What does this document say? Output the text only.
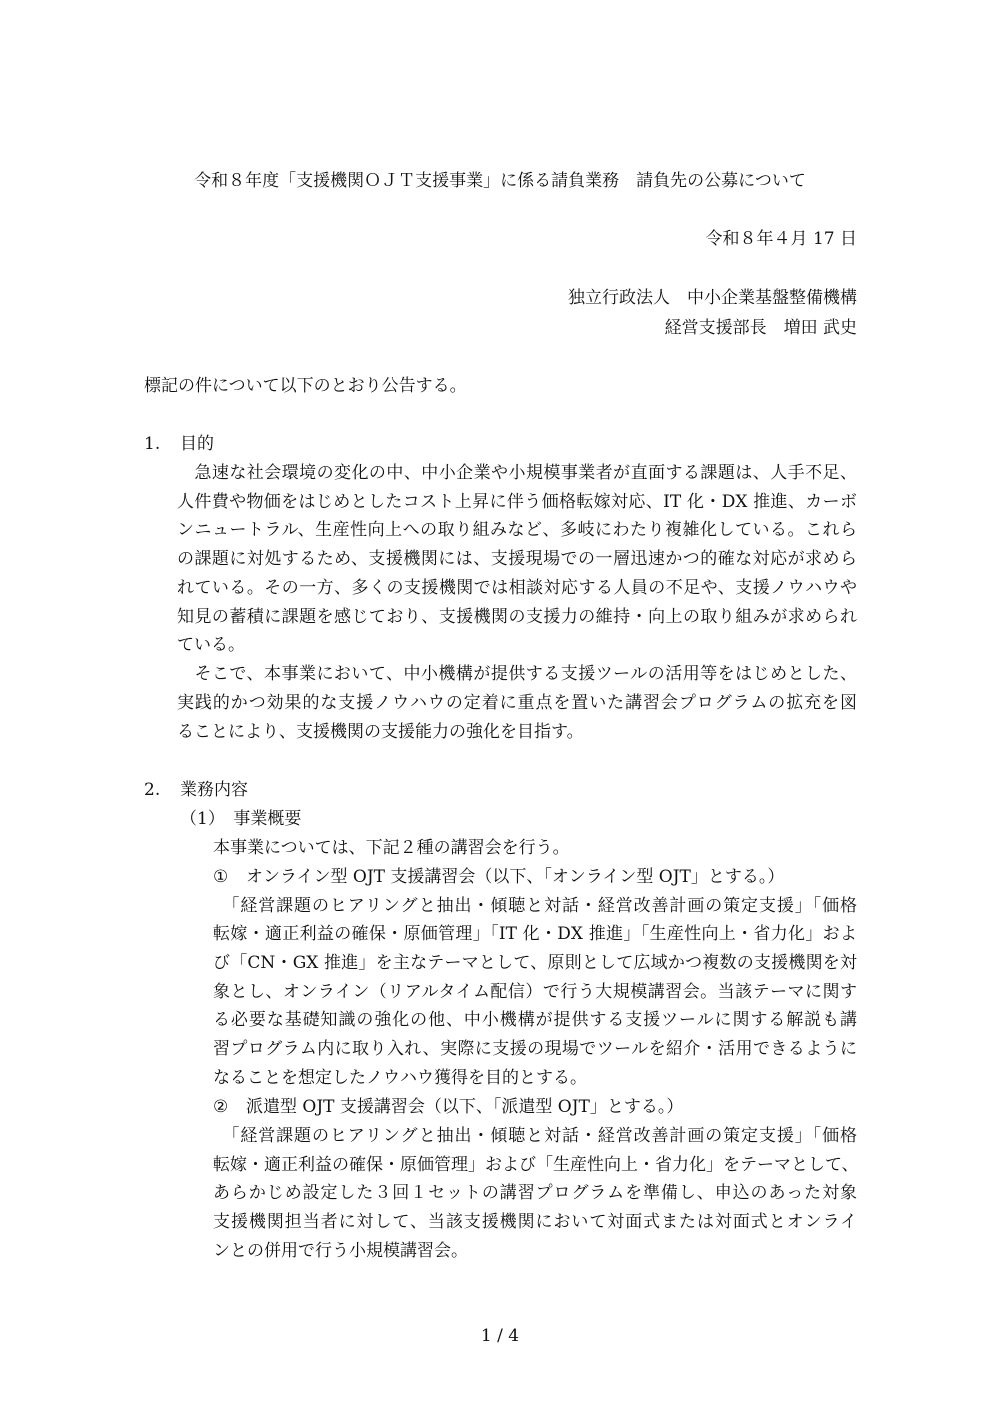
令和８年度「支援機関ＯＪＴ支援事業」に係る請負業務　請負先の公募について
令和８年４月 17 日
独立行政法人　中小企業基盤整備機構
経営支援部長　増田 武史
標記の件について以下のとおり公告する。
1. 目的
　急速な社会環境の変化の中、中小企業や小規模事業者が直面する課題は、人手不足、
人件費や物価をはじめとしたコスト上昇に伴う価格転嫁対応、IT 化・DX 推進、カーボ
ンニュートラル、生産性向上への取り組みなど、多岐にわたり複雑化している。これら
の課題に対処するため、支援機関には、支援現場での一層迅速かつ的確な対応が求めら
れている。その一方、多くの支援機関では相談対応する人員の不足や、支援ノウハウや
知見の蓄積に課題を感じており、支援機関の支援力の維持・向上の取り組みが求められ
ている。
　そこで、本事業において、中小機構が提供する支援ツールの活用等をはじめとした、
実践的かつ効果的な支援ノウハウの定着に重点を置いた講習会プログラムの拡充を図
ることにより、支援機関の支援能力の強化を目指す。
2. 業務内容
（1）　事業概要
本事業については、下記２種の講習会を行う。
① オンライン型 OJT 支援講習会（以下、「オンライン型 OJT」とする。）
　「経営課題のヒアリングと抽出・傾聴と対話・経営改善計画の策定支援」「価格
転嫁・適正利益の確保・原価管理」「IT 化・DX 推進」「生産性向上・省力化」およ
び「CN・GX 推進」を主なテーマとして、原則として広域かつ複数の支援機関を対
象とし、オンライン（リアルタイム配信）で行う大規模講習会。当該テーマに関す
る必要な基礎知識の強化の他、中小機構が提供する支援ツールに関する解説も講
習プログラム内に取り入れ、実際に支援の現場でツールを紹介・活用できるように
なることを想定したノウハウ獲得を目的とする。
② 派遣型 OJT 支援講習会（以下、「派遣型 OJT」とする。）
　「経営課題のヒアリングと抽出・傾聴と対話・経営改善計画の策定支援」「価格
転嫁・適正利益の確保・原価管理」および「生産性向上・省力化」をテーマとして、
あらかじめ設定した３回１セットの講習プログラムを準備し、申込のあった対象
支援機関担当者に対して、当該支援機関において対面式または対面式とオンライ
ンとの併用で行う小規模講習会。
1 / 4
